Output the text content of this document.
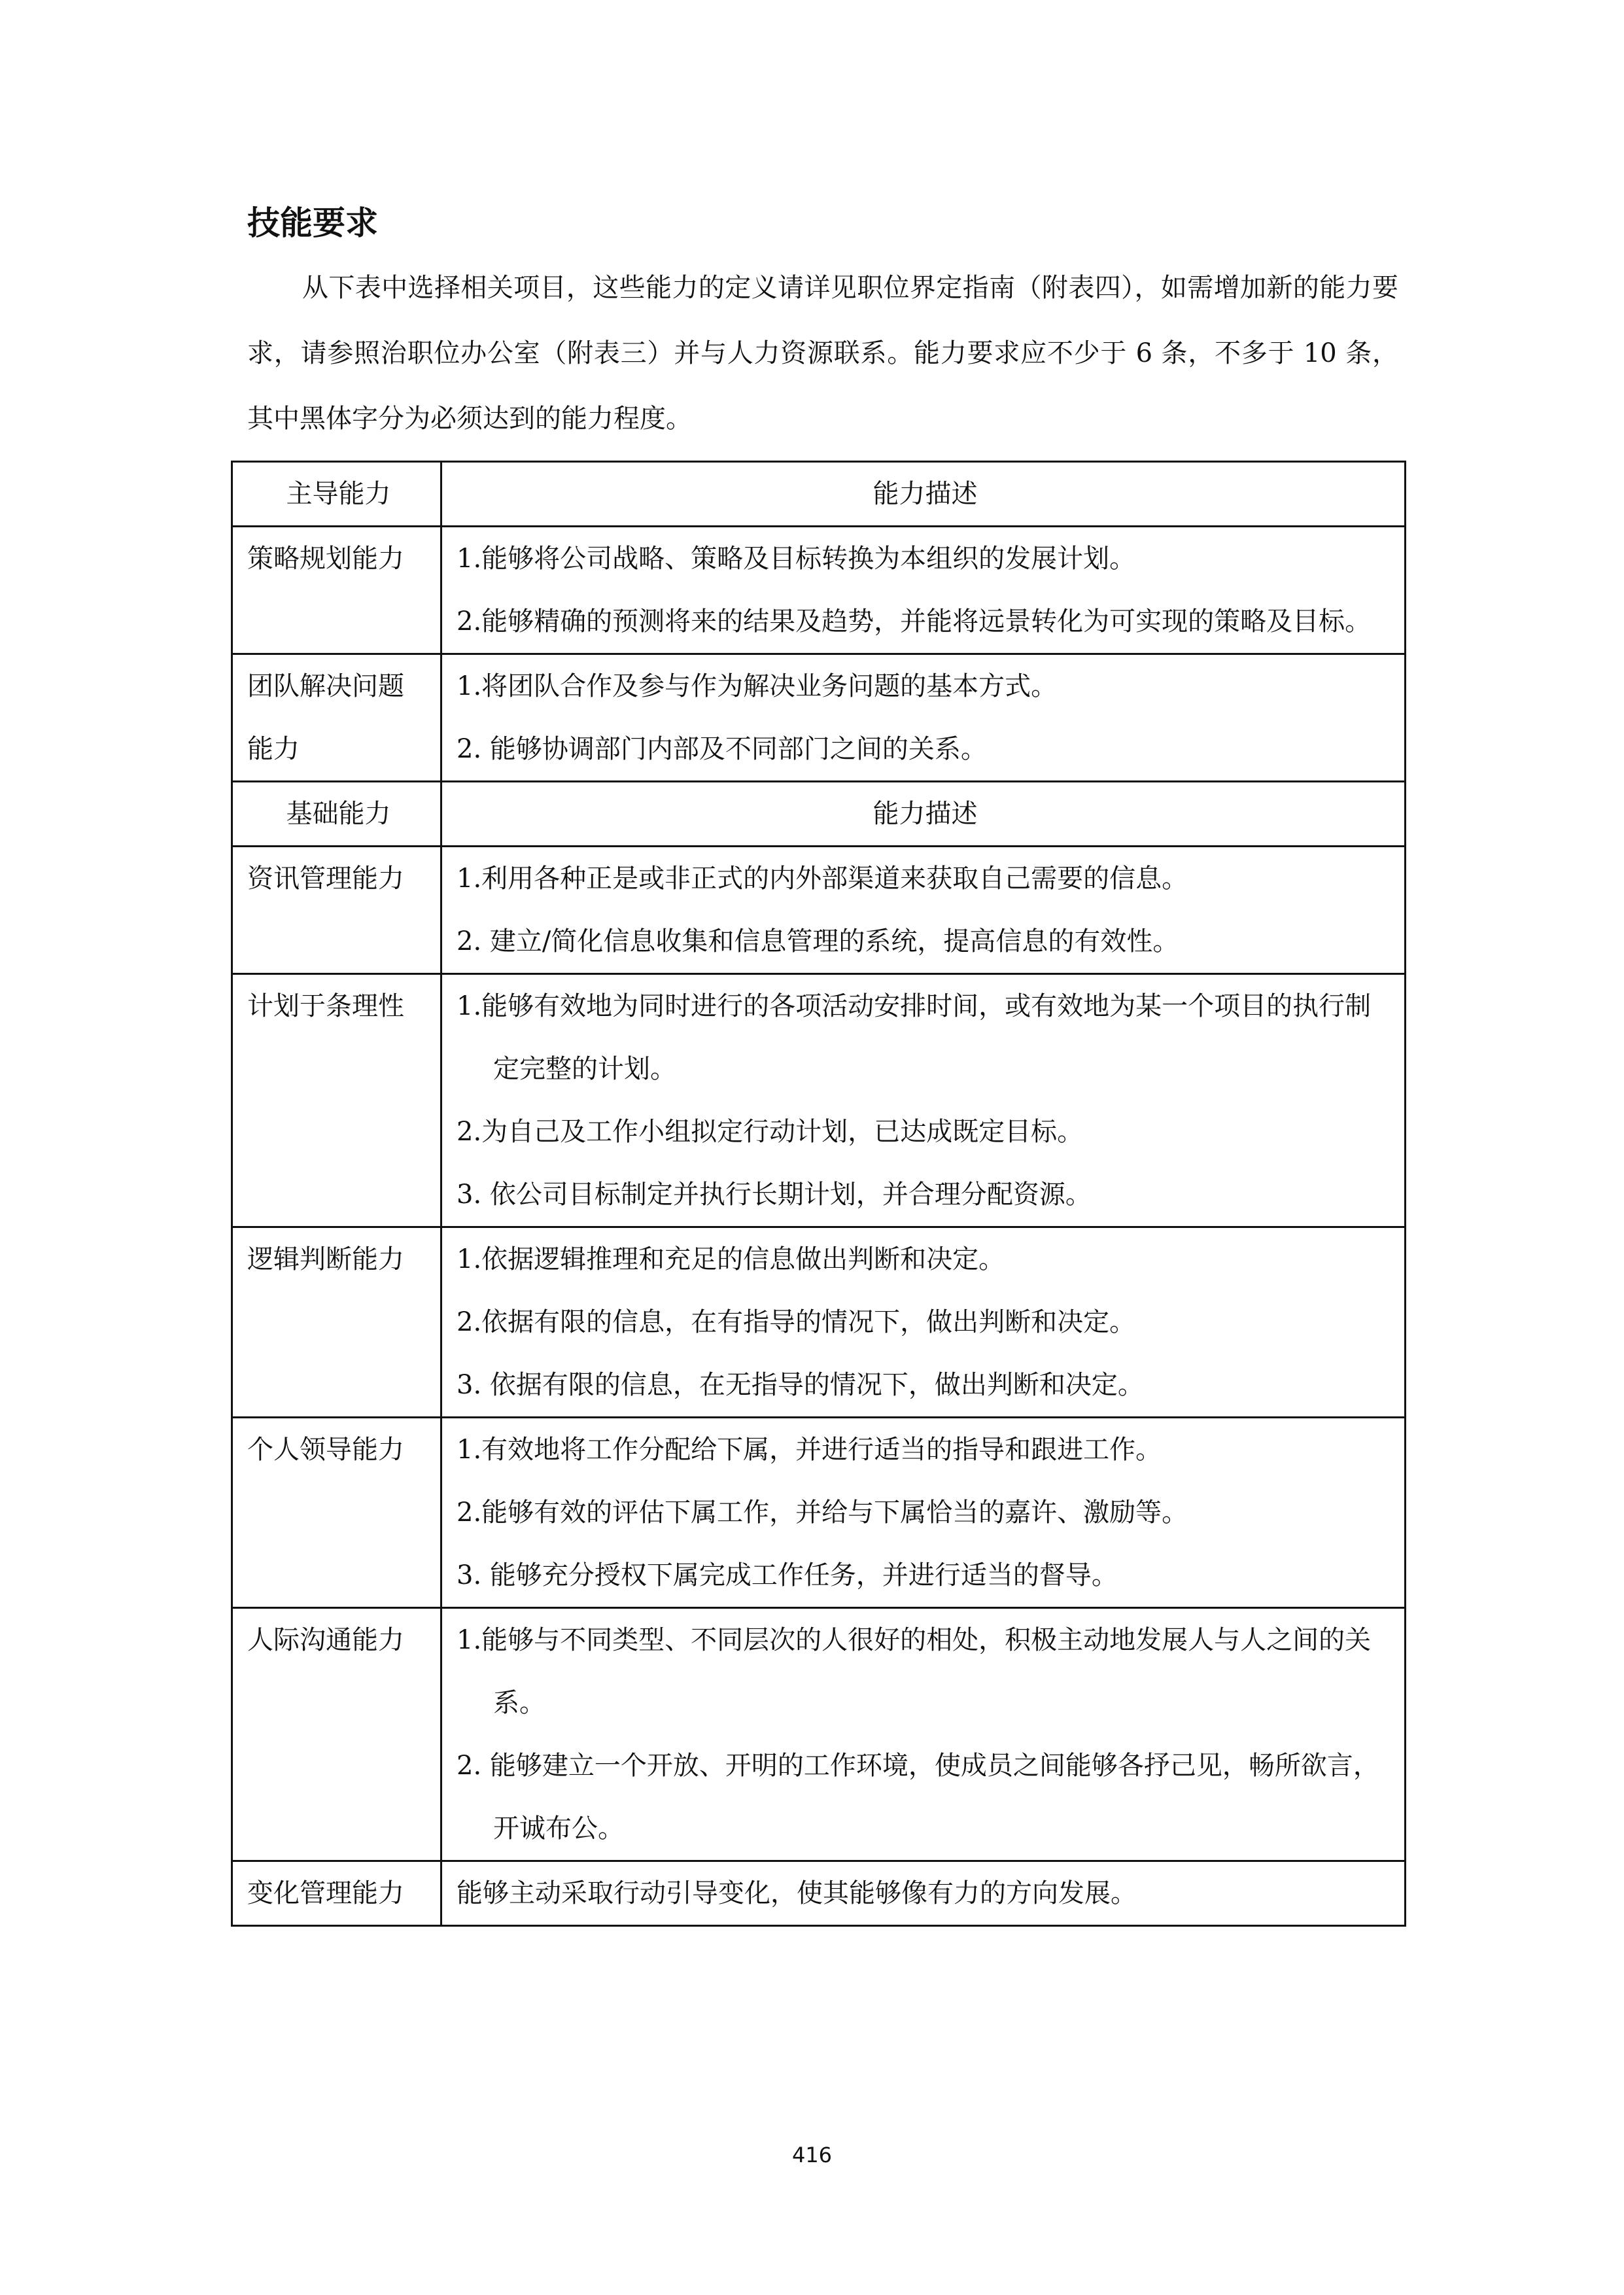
技能要求

从下表中选择相关项目，这些能力的定义请详见职位界定指南（附表四），如需增加新的能力要求，请参照治职位办公室（附表三）并与人力资源联系。能力要求应不少于 6 条，不多于 10 条，其中黑体字分为必须达到的能力程度。

主导能力	能力描述
策略规划能力	1.能够将公司战略、策略及目标转换为本组织的发展计划。
2.能够精确的预测将来的结果及趋势，并能将远景转化为可实现的策略及目标。

团队解决问题能力	1.将团队合作及参与作为解决业务问题的基本方式。
2. 能够协调部门内部及不同部门之间的关系。

基础能力	能力描述
资讯管理能力	1.利用各种正是或非正式的内外部渠道来获取自己需要的信息。
2. 建立/简化信息收集和信息管理的系统，提高信息的有效性。

计划于条理性	1.能够有效地为同时进行的各项活动安排时间，或有效地为某一个项目的执行制定完整的计划。
2.为自己及工作小组拟定行动计划，已达成既定目标。
3. 依公司目标制定并执行长期计划，并合理分配资源。

逻辑判断能力	1.依据逻辑推理和充足的信息做出判断和决定。
2.依据有限的信息，在有指导的情况下，做出判断和决定。
3. 依据有限的信息，在无指导的情况下，做出判断和决定。

个人领导能力	1.有效地将工作分配给下属，并进行适当的指导和跟进工作。
2.能够有效的评估下属工作，并给与下属恰当的嘉许、激励等。
3. 能够充分授权下属完成工作任务，并进行适当的督导。

人际沟通能力	1.能够与不同类型、不同层次的人很好的相处，积极主动地发展人与人之间的关系。
2. 能够建立一个开放、开明的工作环境，使成员之间能够各抒己见，畅所欲言，开诚布公。

变化管理能力	能够主动采取行动引导变化，使其能够像有力的方向发展。
416
